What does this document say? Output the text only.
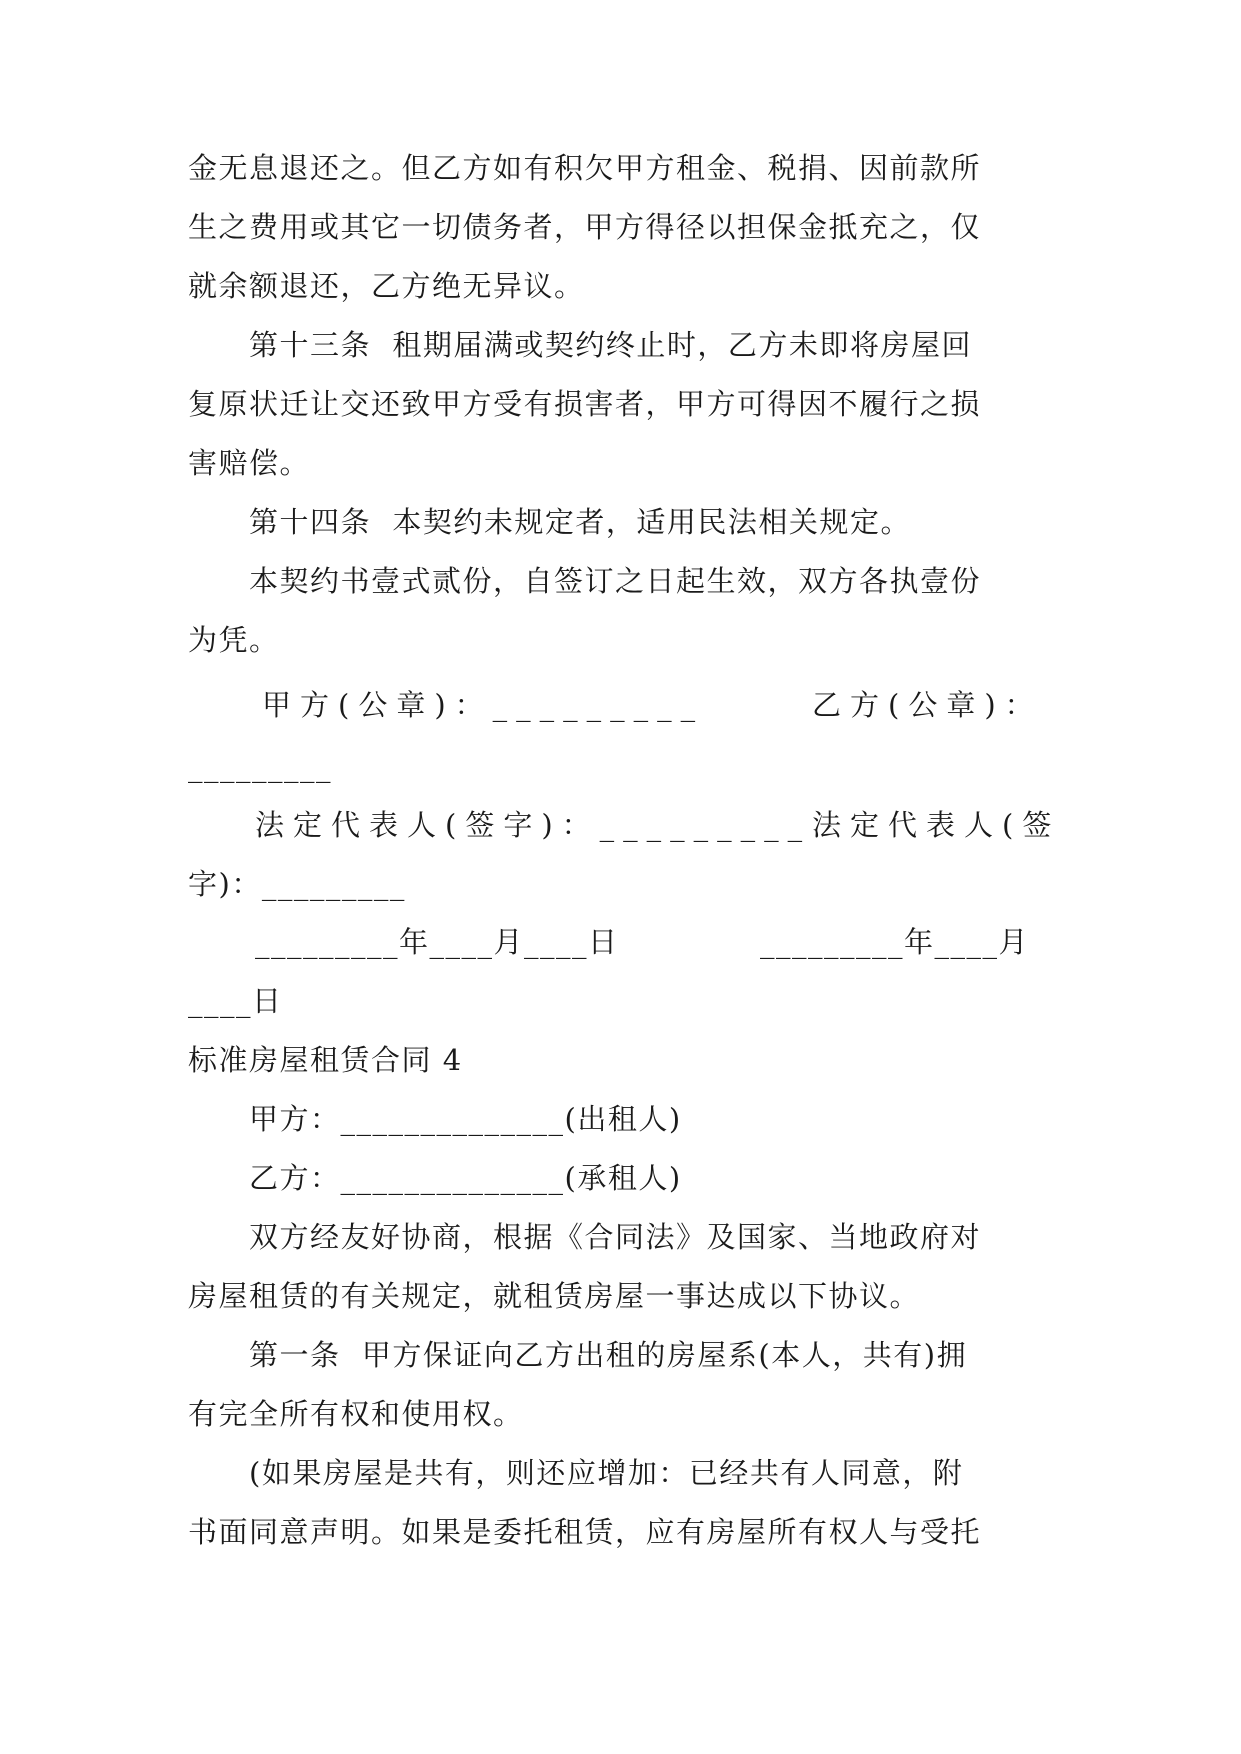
金无息退还之。但乙方如有积欠甲方租金、税捐、因前款所
生之费用或其它一切债务者，甲方得径以担保金抵充之，仅
就余额退还，乙方绝无异议。
　　第十三条  租期届满或契约终止时，乙方未即将房屋回
复原状迁让交还致甲方受有损害者，甲方可得因不履行之损
害赔偿。
　　第十四条  本契约未规定者，适用民法相关规定。
　　本契约书壹式贰份，自签订之日起生效，双方各执壹份
为凭。
甲方(公章)：_________	乙方(公章)：
_________
法定代表人(签字)：_________ 法定代表人(签
字)：_________
_________年____月____日	_________年____月
____日
标准房屋租赁合同 4
　　甲方：______________(出租人)
　　乙方：______________(承租人)
　　双方经友好协商，根据《合同法》及国家、当地政府对
房屋租赁的有关规定，就租赁房屋一事达成以下协议。
　　第一条  甲方保证向乙方出租的房屋系(本人，共有)拥
有完全所有权和使用权。
　　(如果房屋是共有，则还应增加：已经共有人同意，附
书面同意声明。如果是委托租赁，应有房屋所有权人与受托
